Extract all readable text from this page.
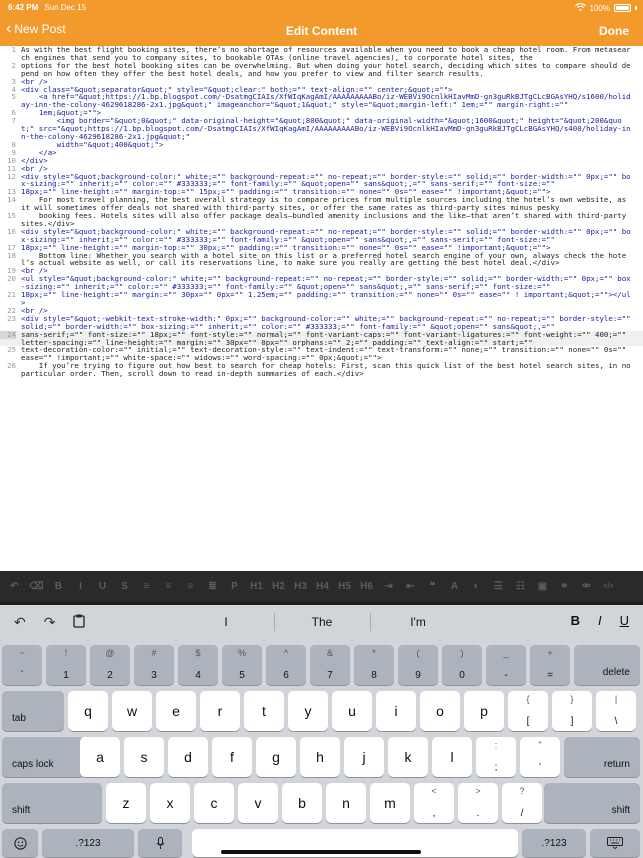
6:42 PM Sun Dec 15	100%
‹ New Post	Edit Content	Done
1 As with the best flight booking sites, there’s no shortage of resources available when you need to book a cheap hotel room. From metasearch engines that send you to company sites, to bookable OTAs (online travel agencies), to corporate hotel sites, the
2 options for the best hotel booking sites can be overwhelming. But when doing your hotel search, deciding which sites to compare should depend on how often they offer the best hotel deals, and how you prefer to view and filter search results.
3 <br />
4 <div class="&quot;separator&quot;" style="&quot;clear:" both;="" text-align:="" center;&quot;="">
5 <a href="&quot;https://1.bp.blogspot.com/-DsatmgCIAIs/XfWIqKagAmI/AAAAAAAAABo/iz-WEBVi9OcnlkHIavMmD-gn3guRkBJTgCLcBGAsYHQ/s1600/holiday-inn-the-colony-4629618286-2x1.jpg&quot;" imageanchor="&quot;1&quot;" style="&quot;margin-left:" 1em;="" margin-right:=""
6 1em;&quot;="">
7 <img border="&quot;0&quot;" data-original-height="&quot;800&quot;" data-original-width="&quot;1600&quot;" height="&quot;200&quot;" src="&quot;https://1.bp.blogspot.com/-DsatmgCIAIs/XfWIqKagAmI/AAAAAAAAABo/iz-WEBVi9OcnlkHIavMmD-gn3guRkBJTgCLcBGAsYHQ/s400/holiday-inn-the-colony-4629618286-2x1.jpg&quot;"
8 width="&quot;400&quot;">
9 </a>
10 </div>
11 <br />
12 <div style="&quot;background-color:" white;="" background-repeat:="" no-repeat;="" border-style:="" solid;="" border-width:="" 0px;="" box-sizing:="" inherit;="" color:="" #333333;="" font-family:="" &quot;open="" sans&quot;,="" sans-serif;="" font-size:=""
13 18px;="" line-height:="" margin-top:="" 15px;="" padding:="" transition:="" none="" 0s="" ease="" !important;&quot;="">
14 For most travel planning, the best overall strategy is to compare prices from multiple sources including the hotel’s own website, as it will sometimes offer deals not shared with third-party sites, or offer the same rates as third-party sites minus pesky
15 booking fees. Hotels sites will also offer package deals—bundled amenity inclusions and the like—that aren’t shared with third-party sites.</div>
16 <div style="&quot;background-color:" white;="" background-repeat:="" no-repeat;="" border-style:="" solid;="" border-width:="" 0px;="" box-sizing:="" inherit;="" color:="" #333333;="" font-family:="" &quot;open="" sans&quot;,="" sans-serif;="" font-size:=""
17 18px;="" line-height:="" margin-top:="" 30px;="" padding:="" transition:="" none="" 0s="" ease="" !important;&quot;="">
18 Bottom line: Whether you search with a hotel site on this list or a preferred hotel search engine of your own, always check the hotel’s actual website as well, or call its reservations line, to make sure you really are getting the best hotel deal.</div>
19 <br />
20 <ul style="&quot;background-color:" white;="" background-repeat:="" no-repeat;="" border-style:="" solid;="" border-width:="" 0px;="" box-sizing:="" inherit;="" color:="" #333333;="" font-family:="" &quot;open="" sans&quot;,="" sans-serif;="" font-size:=""
21 18px;="" line-height:="" margin:="" 30px="" 0px="" 1.25em;="" padding:="" transition:="" none="" 0s="" ease="" ! important;&quot;=""></ul>
22 <br />
23 <div style="&quot;-webkit-text-stroke-width:" 0px;="" background-color:="" white;="" background-repeat:="" no-repeat;="" border-style:="" solid;="" border-width:="" box-sizing:="" inherit;="" color:="" #333333;="" font-family:="" &quot;open="" sans&quot;,=""
24 sans-serif;="" font-size:="" 18px;="" font-style:="" normal;="" font-variant-caps:="" font-variant-ligatures:="" font-weight:="" 400;="" letter-spacing:="" line-height:="" margin:="" 30px="" 0px="" orphans:="" 2;="" padding:="" text-align:="" start;=""
25 text-decoration-color:="" initial;="" text-decoration-style:="" text-indent:="" text-transform:="" none;="" transition:="" none="" 0s="" ease="" !important;="" white-space:="" widows:="" word-spacing:="" 0px;&quot;="">
26 If you’re trying to figure out how best to search for cheap hotels: First, scan this quick list of the best hotel search sites, in no particular order. Then, scroll down to read in-depth summaries of each.</div>
↶	⌫	B	I	U	S	≡	≡	≡	≣	P	H1 H2 H3 H4 H5 H6	⇥	⇤	❝	A	◐	☰	☷	▣	⚭	⚮	</>
↶ ↷	I	The	I'm	B I U
~
`
!
1
@
2
#
3
$
4
%
5
^
6
&
7
*
8
(
9
)
0
_
-
+
=	delete
tab	q	w	e	r	t	y	u	i	o	p
{
[
}
]
|
\
caps lock	a	s	d	f	g	h	j	k	l
:
;
"
'	return
shift	z	x	c	v	b	n	m
<
,
>
.
?
/	shift
.?123	.?123
